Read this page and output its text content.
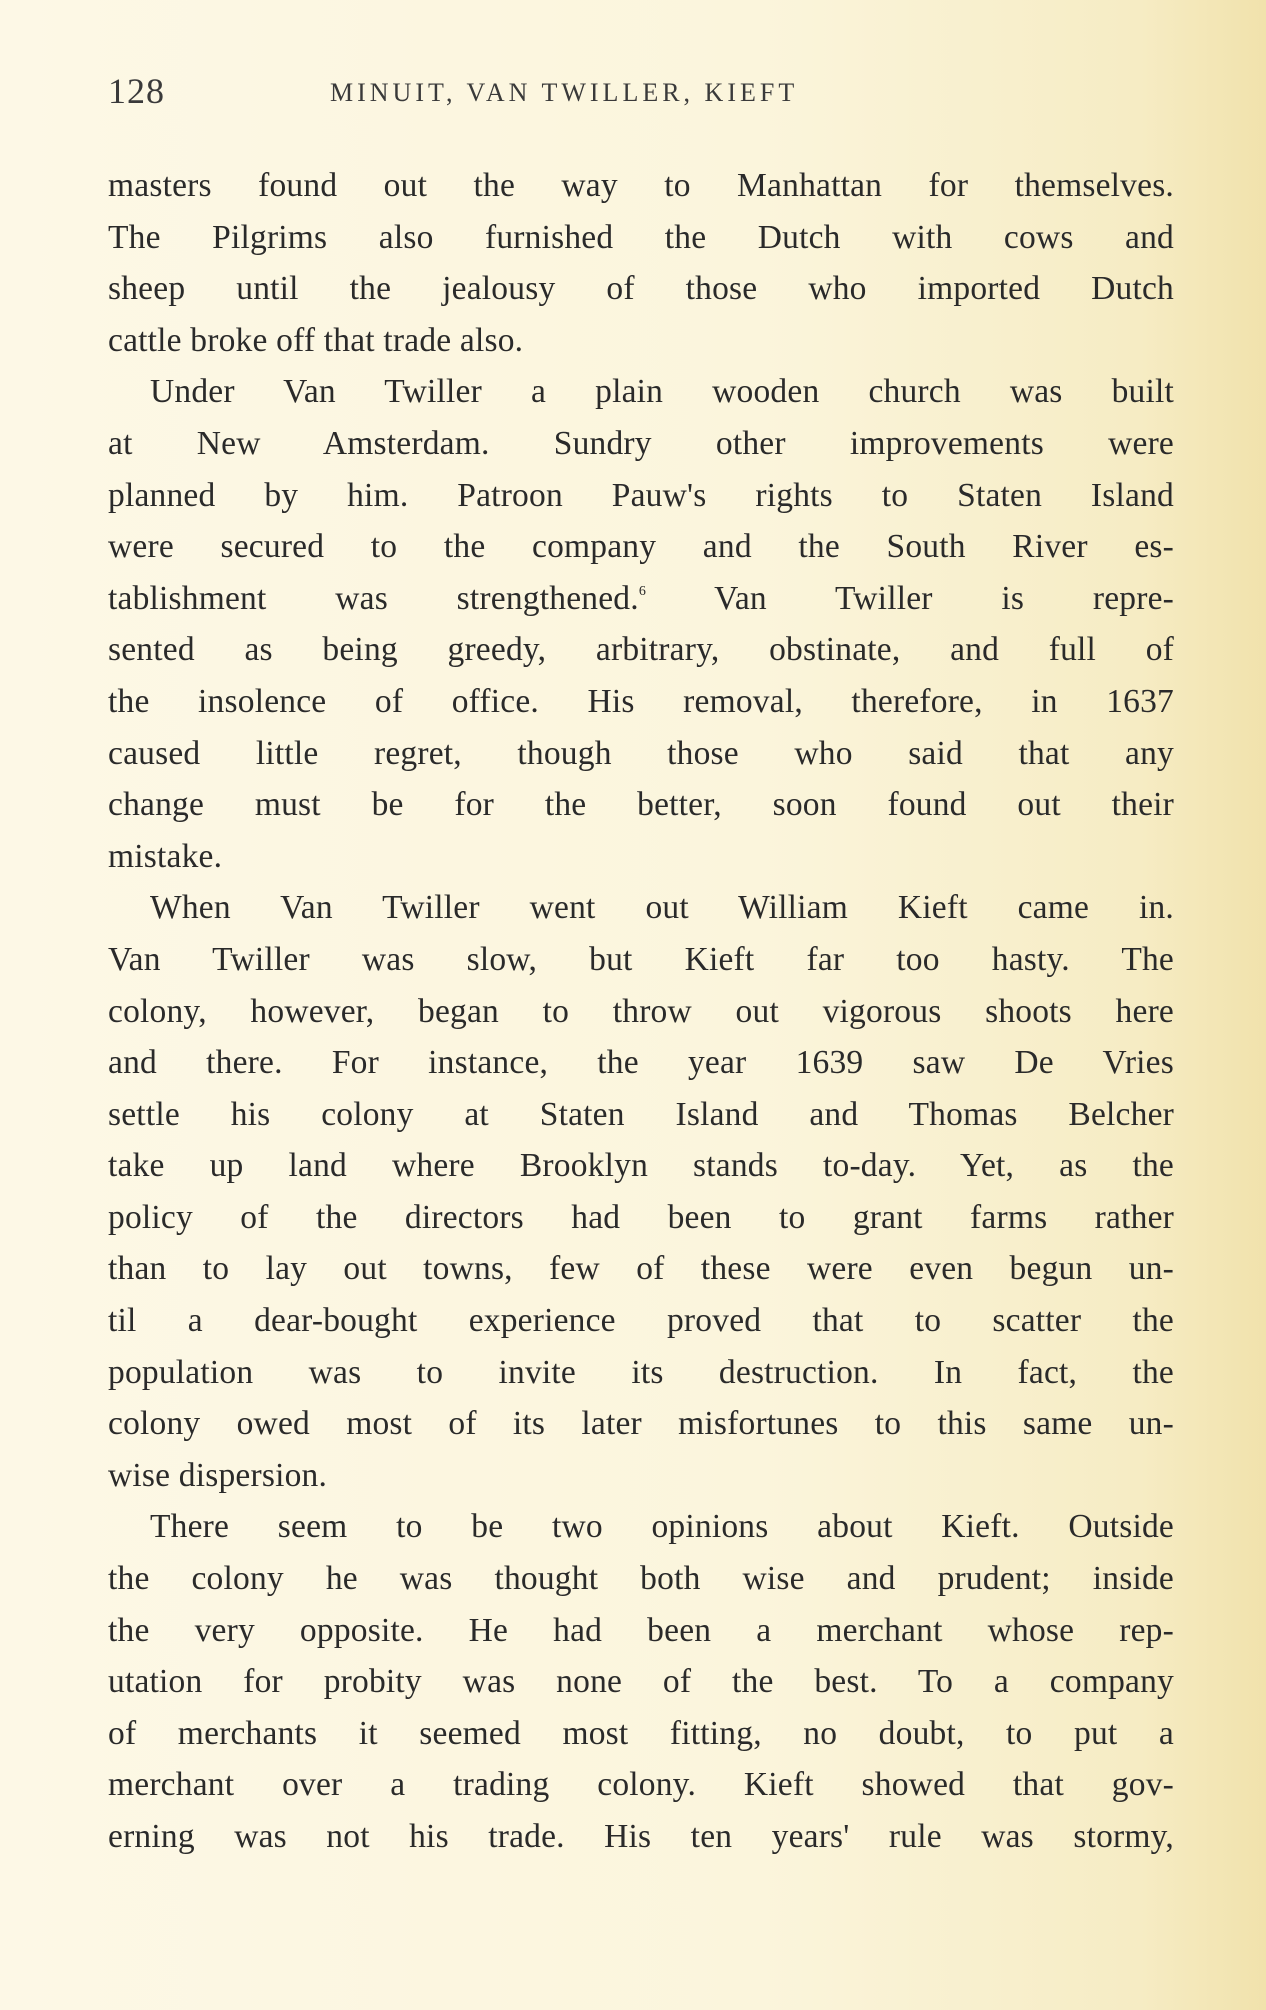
128	MINUIT, VAN TWILLER, KIEFT
masters found out the way to Manhattan for themselves.
The Pilgrims also furnished the Dutch with cows and
sheep until the jealousy of those who imported Dutch
cattle broke off that trade also.
Under Van Twiller a plain wooden church was built
at New Amsterdam. Sundry other improvements were
planned by him. Patroon Pauw's rights to Staten Island
were secured to the company and the South River es-
tablishment was strengthened.$^6$ Van Twiller is repre-
sented as being greedy, arbitrary, obstinate, and full of
the insolence of office. His removal, therefore, in 1637
caused little regret, though those who said that any
change must be for the better, soon found out their
mistake.
When Van Twiller went out William Kieft came in.
Van Twiller was slow, but Kieft far too hasty. The
colony, however, began to throw out vigorous shoots here
and there. For instance, the year 1639 saw De Vries
settle his colony at Staten Island and Thomas Belcher
take up land where Brooklyn stands to-day. Yet, as the
policy of the directors had been to grant farms rather
than to lay out towns, few of these were even begun un-
til a dear-bought experience proved that to scatter the
population was to invite its destruction. In fact, the
colony owed most of its later misfortunes to this same un-
wise dispersion.
There seem to be two opinions about Kieft. Outside
the colony he was thought both wise and prudent; inside
the very opposite. He had been a merchant whose rep-
utation for probity was none of the best. To a company
of merchants it seemed most fitting, no doubt, to put a
merchant over a trading colony. Kieft showed that gov-
erning was not his trade. His ten years' rule was stormy,
